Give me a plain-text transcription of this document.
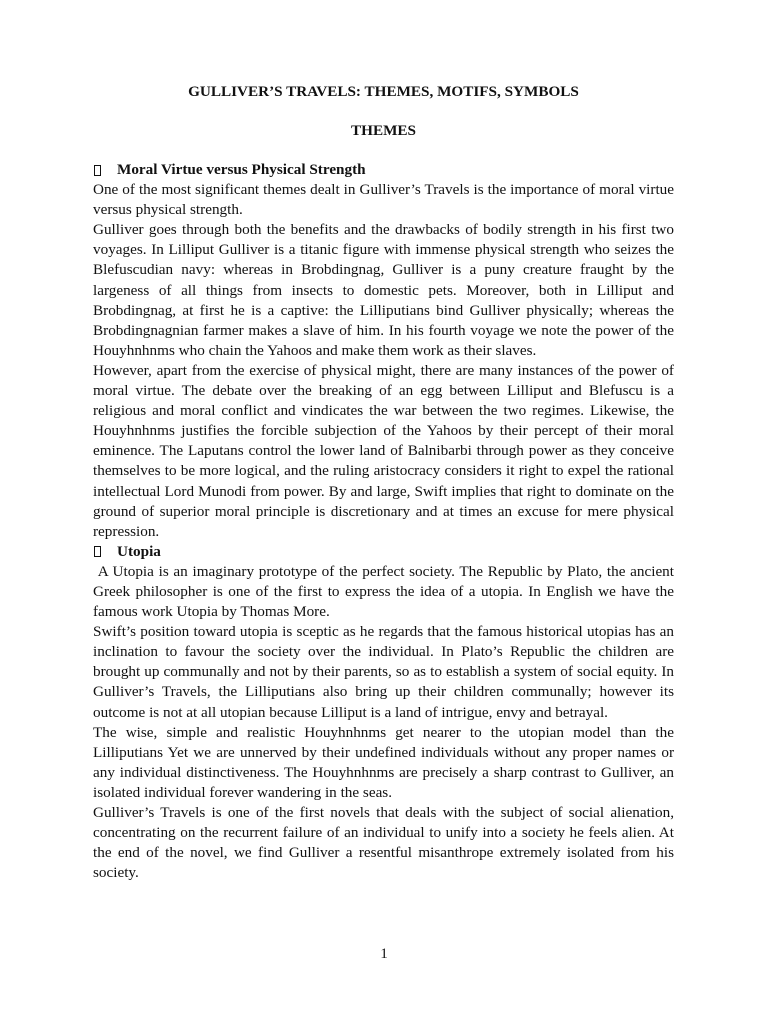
GULLIVER’S TRAVELS: THEMES, MOTIFS, SYMBOLS
THEMES
Moral Virtue versus Physical Strength

One of the most significant themes dealt in Gulliver’s Travels is the importance of moral virtue versus physical strength.

Gulliver goes through both the benefits and the drawbacks of bodily strength in his first two voyages. In Lilliput Gulliver is a titanic figure with immense physical strength who seizes the Blefuscudian navy: whereas in Brobdingnag, Gulliver is a puny creature fraught by the largeness of all things from insects to domestic pets. Moreover, both in Lilliput and Brobdingnag, at first he is a captive: the Lilliputians bind Gulliver physically; whereas the Brobdingnagnian farmer makes a slave of him. In his fourth voyage we note the power of the Houyhnhnms who chain the Yahoos and make them work as their slaves.

However, apart from the exercise of physical might, there are many instances of the power of moral virtue. The debate over the breaking of an egg between Lilliput and Blefuscu is a religious and moral conflict and vindicates the war between the two regimes. Likewise, the Houyhnhnms justifies the forcible subjection of the Yahoos by their percept of their moral eminence. The Laputans control the lower land of Balnibarbi through power as they conceive themselves to be more logical, and the ruling aristocracy considers it right to expel the rational intellectual Lord Munodi from power. By and large, Swift implies that right to dominate on the ground of superior moral principle is discretionary and at times an excuse for mere physical repression.

Utopia

A Utopia is an imaginary prototype of the perfect society. The Republic by Plato, the ancient Greek philosopher is one of the first to express the idea of a utopia. In English we have the famous work Utopia by Thomas More.

Swift’s position toward utopia is sceptic as he regards that the famous historical utopias has an inclination to favour the society over the individual. In Plato’s Republic the children are brought up communally and not by their parents, so as to establish a system of social equity. In Gulliver’s Travels, the Lilliputians also bring up their children communally; however its outcome is not at all utopian because Lilliput is a land of intrigue, envy and betrayal.

The wise, simple and realistic Houyhnhnms get nearer to the utopian model than the Lilliputians Yet we are unnerved by their undefined individuals without any proper names or any individual distinctiveness. The Houyhnhnms are precisely a sharp contrast to Gulliver, an isolated individual forever wandering in the seas.

Gulliver’s Travels is one of the first novels that deals with the subject of social alienation, concentrating on the recurrent failure of an individual to unify into a society he feels alien. At the end of the novel, we find Gulliver a resentful misanthrope extremely isolated from his society.

1
